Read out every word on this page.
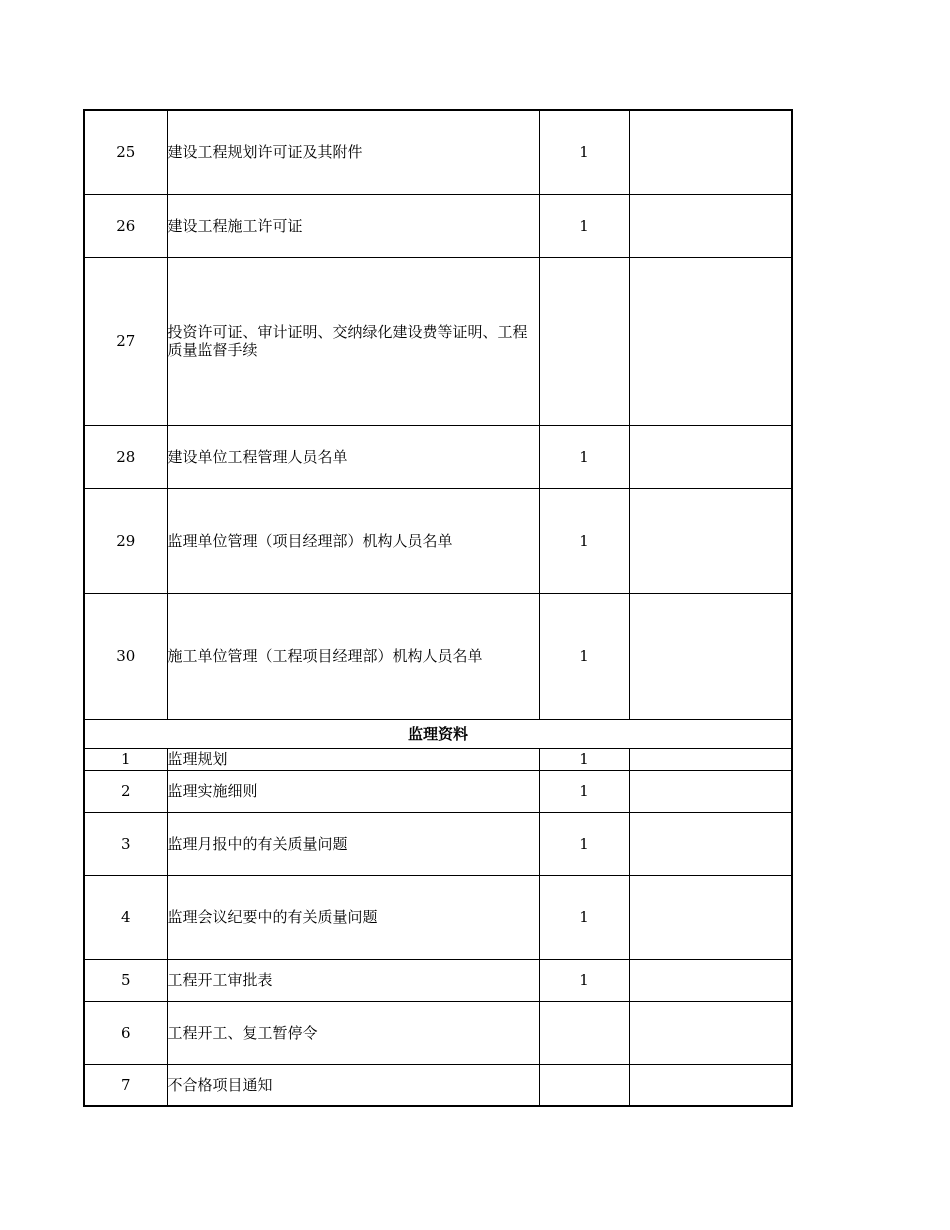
25	建设工程规划许可证及其附件	1	
26	建设工程施工许可证	1	
27	投资许可证、审计证明、交纳绿化建设费等证明、工程质量监督手续		
28	建设单位工程管理人员名单	1	
29	监理单位管理（项目经理部）机构人员名单	1	
30	施工单位管理（工程项目经理部）机构人员名单	1	
监理资料			
1	监理规划	1	
2	监理实施细则	1	
3	监理月报中的有关质量问题	1	
4	监理会议纪要中的有关质量问题	1	
5	工程开工审批表	1	
6	工程开工、复工暂停令		
7	不合格项目通知		
